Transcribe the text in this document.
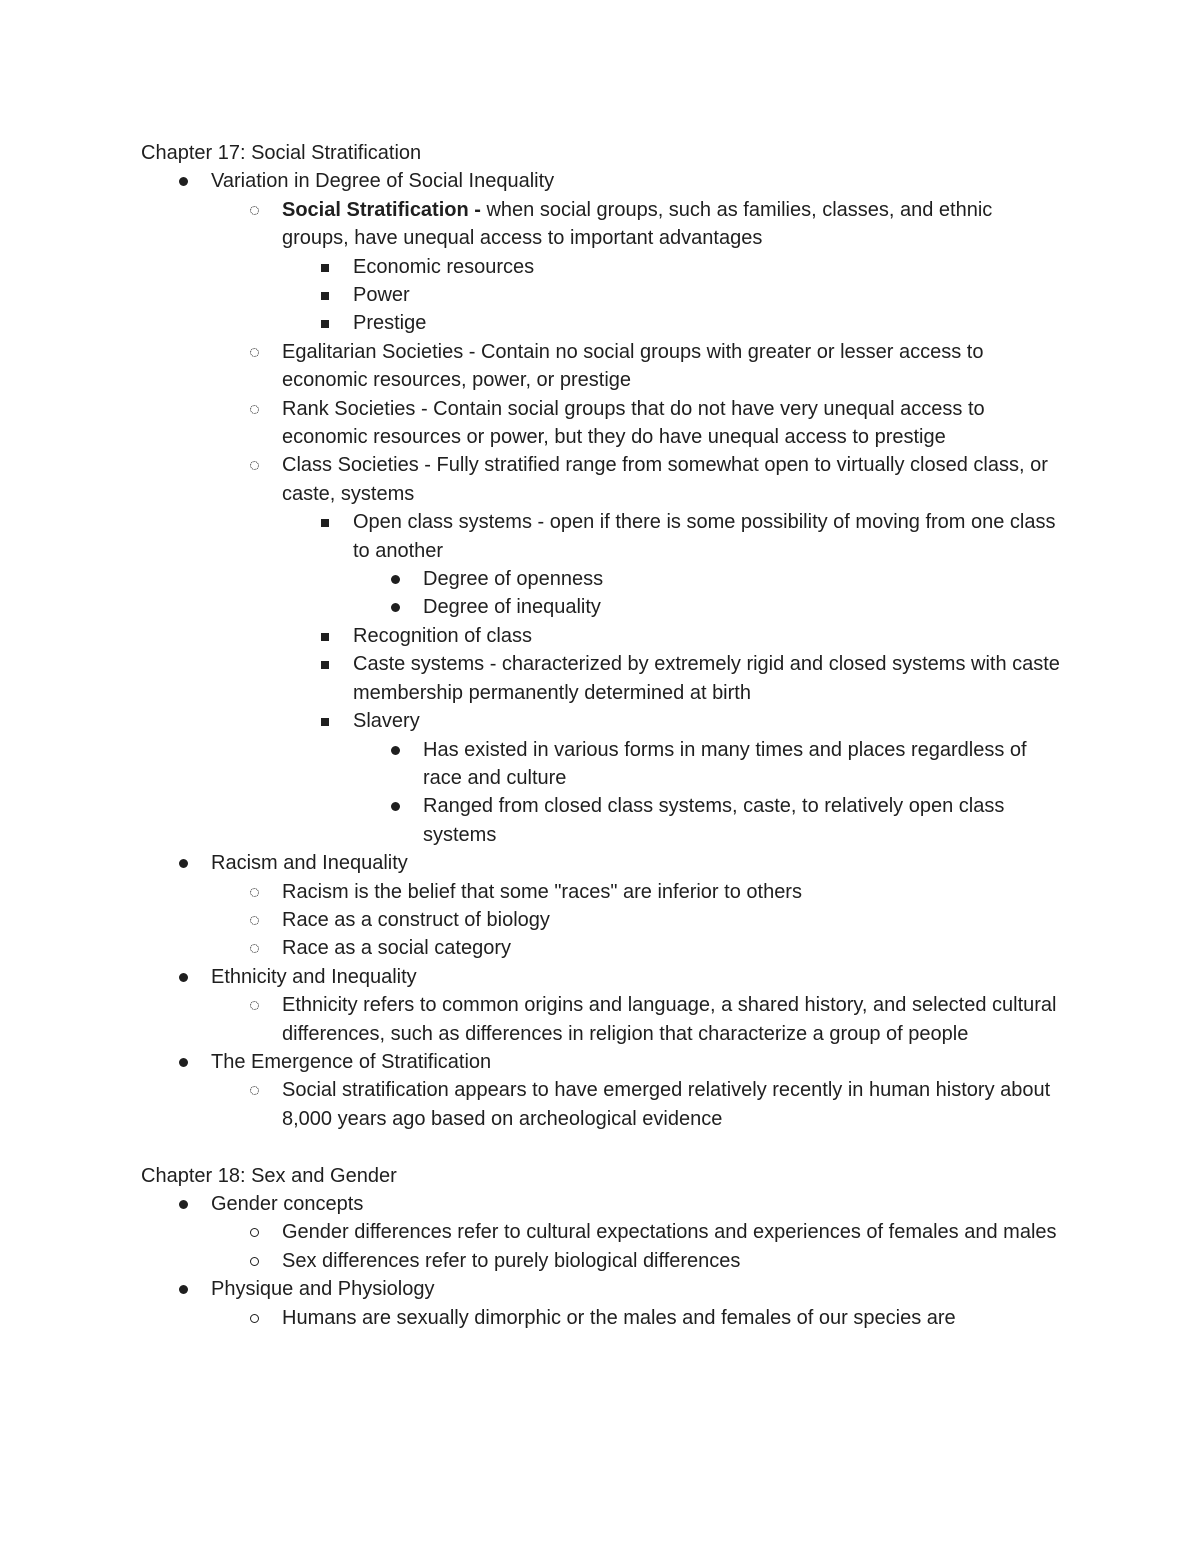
Chapter 17: Social Stratification
Variation in Degree of Social Inequality
Social Stratification - when social groups, such as families, classes, and ethnic groups, have unequal access to important advantages
Economic resources
Power
Prestige
Egalitarian Societies - Contain no social groups with greater or lesser access to economic resources, power, or prestige
Rank Societies - Contain social groups that do not have very unequal access to economic resources or power, but they do have unequal access to prestige
Class Societies - Fully stratified range from somewhat open to virtually closed class, or caste, systems
Open class systems - open if there is some possibility of moving from one class to another
Degree of openness
Degree of inequality
Recognition of class
Caste systems - characterized by extremely rigid and closed systems with caste membership permanently determined at birth
Slavery
Has existed in various forms in many times and places regardless of race and culture
Ranged from closed class systems, caste, to relatively open class systems
Racism and Inequality
Racism is the belief that some "races" are inferior to others
Race as a construct of biology
Race as a social category
Ethnicity and Inequality
Ethnicity refers to common origins and language, a shared history, and selected cultural differences, such as differences in religion that characterize a group of people
The Emergence of Stratification
Social stratification appears to have emerged relatively recently in human history about 8,000 years ago based on archeological evidence
Chapter 18: Sex and Gender
Gender concepts
Gender differences refer to cultural expectations and experiences of females and males
Sex differences refer to purely biological differences
Physique and Physiology
Humans are sexually dimorphic or the males and females of our species are
